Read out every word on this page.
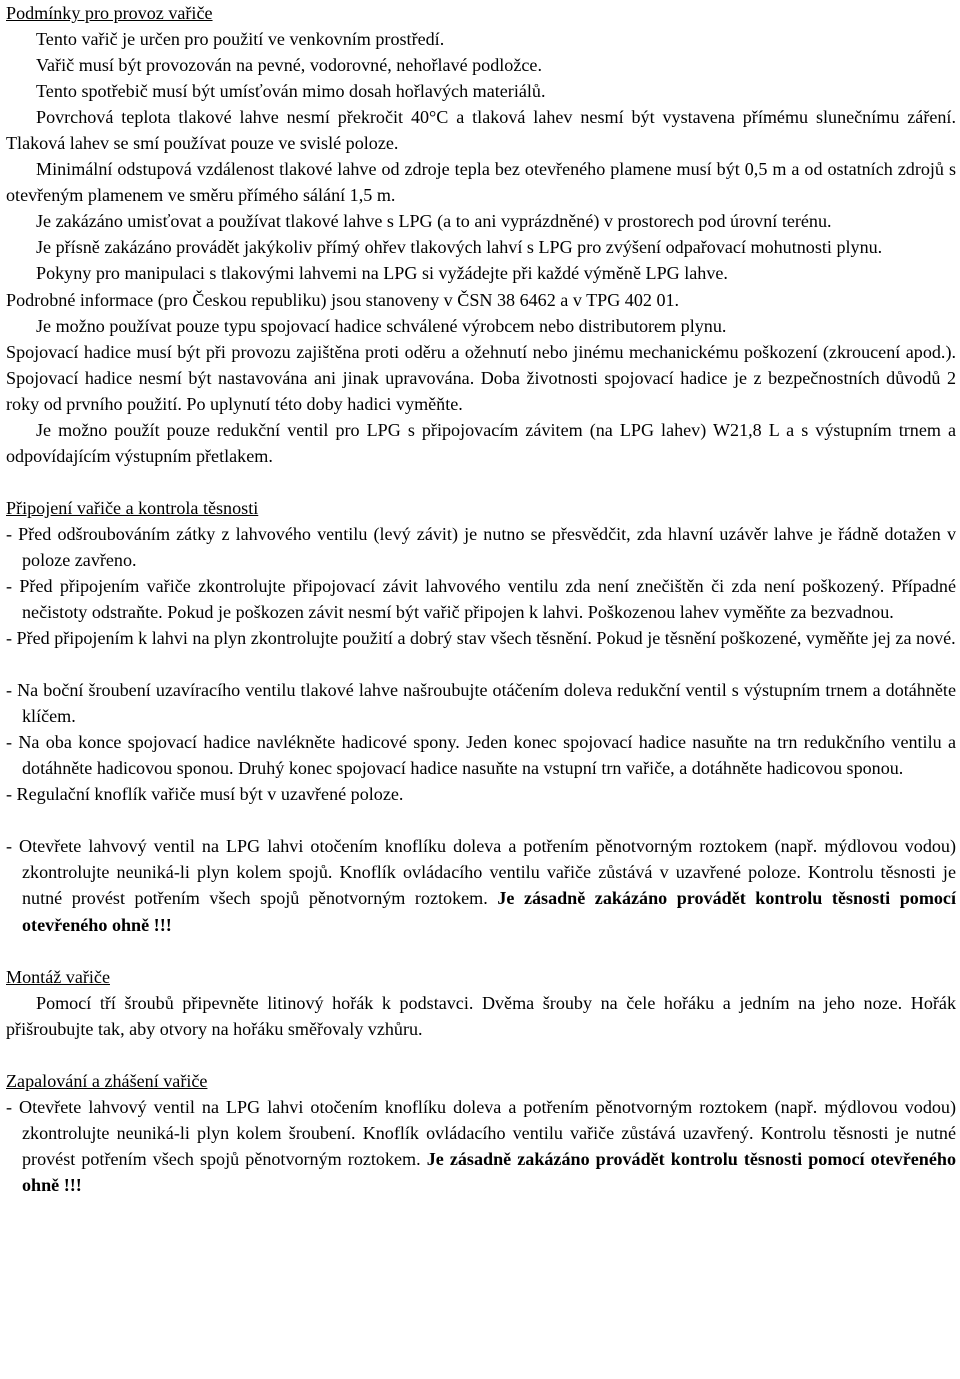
Podmínky pro provoz vařiče

Tento vařič je určen pro použití ve venkovním prostředí.

Vařič musí být provozován na pevné, vodorovné, nehořlavé podložce.

Tento spotřebič musí být umísťován mimo dosah hořlavých materiálů.

Povrchová teplota tlakové lahve nesmí překročit 40°C a tlaková lahev nesmí být vystavena přímému slunečnímu záření. Tlaková lahev se smí používat pouze ve svislé poloze.

Minimální odstupová vzdálenost tlakové lahve od zdroje tepla bez otevřeného plamene musí být 0,5 m a od ostatních zdrojů s otevřeným plamenem ve směru přímého sálání 1,5 m.

Je zakázáno umisťovat a používat tlakové lahve s LPG (a to ani vyprázdněné) v prostorech pod úrovní terénu.

Je přísně zakázáno provádět jakýkoliv přímý ohřev tlakových lahví s LPG pro zvýšení odpařovací mohutnosti plynu.

Pokyny pro manipulaci s tlakovými lahvemi na LPG si vyžádejte při každé výměně LPG lahve.

Podrobné informace (pro Českou republiku) jsou stanoveny v ČSN 38 6462 a v TPG 402 01.

Je možno používat pouze typu spojovací hadice schválené výrobcem nebo distributorem plynu.

Spojovací hadice musí být při provozu zajištěna proti oděru a ožehnutí nebo jinému mechanickému poškození (zkroucení apod.). Spojovací hadice nesmí být nastavována ani jinak upravována. Doba životnosti spojovací hadice je z bezpečnostních důvodů 2 roky od prvního použití. Po uplynutí této doby hadici vyměňte.

Je možno použít pouze redukční ventil pro LPG s připojovacím závitem (na LPG lahev) W21,8 L a s výstupním trnem a odpovídajícím výstupním přetlakem.

Připojení vařiče a kontrola těsnosti

- Před odšroubováním zátky z lahvového ventilu (levý závit) je nutno se přesvědčit, zda hlavní uzávěr lahve je řádně dotažen v poloze zavřeno.

- Před připojením vařiče zkontrolujte připojovací závit lahvového ventilu zda není znečištěn či zda není poškozený. Případné nečistoty odstraňte. Pokud je poškozen závit nesmí být vařič připojen k lahvi. Poškozenou lahev vyměňte za bezvadnou.

- Před připojením k lahvi na plyn zkontrolujte použití a dobrý stav všech těsnění. Pokud je těsnění poškozené, vyměňte jej za nové.

- Na boční šroubení uzavíracího ventilu tlakové lahve našroubujte otáčením doleva redukční ventil s výstupním trnem a dotáhněte klíčem.

- Na oba konce spojovací hadice navlékněte hadicové spony. Jeden konec spojovací hadice nasuňte na trn redukčního ventilu a dotáhněte hadicovou sponou. Druhý konec spojovací hadice nasuňte na vstupní trn vařiče, a dotáhněte hadicovou sponou.

- Regulační knoflík vařiče musí být v uzavřené poloze.

- Otevřete lahvový ventil na LPG lahvi otočením knoflíku doleva a potřením pěnotvorným roztokem (např. mýdlovou vodou) zkontrolujte neuniká-li plyn kolem spojů. Knoflík ovládacího ventilu vařiče zůstává v uzavřené poloze. Kontrolu těsnosti je nutné provést potřením všech spojů pěnotvorným roztokem. Je zásadně zakázáno provádět kontrolu těsnosti pomocí otevřeného ohně !!!

Montáž vařiče

Pomocí tří šroubů připevněte litinový hořák k podstavci. Dvěma šrouby na čele hořáku a jedním na jeho noze. Hořák přišroubujte tak, aby otvory na hořáku směřovaly vzhůru.

Zapalování a zhášení vařiče

- Otevřete lahvový ventil na LPG lahvi otočením knoflíku doleva a potřením pěnotvorným roztokem (např. mýdlovou vodou) zkontrolujte neuniká-li plyn kolem šroubení. Knoflík ovládacího ventilu vařiče zůstává uzavřený. Kontrolu těsnosti je nutné provést potřením všech spojů pěnotvorným roztokem. Je zásadně zakázáno provádět kontrolu těsnosti pomocí otevřeného ohně !!!
